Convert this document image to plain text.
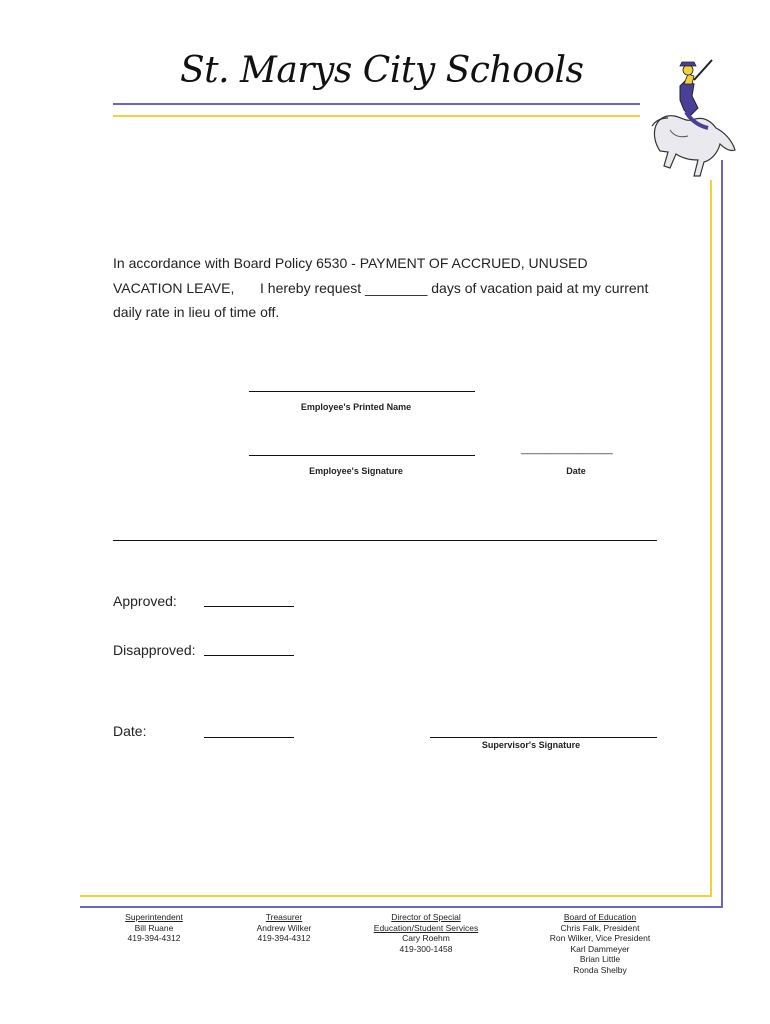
St. Marys City Schools
In accordance with Board Policy 6530 - PAYMENT OF ACCRUED, UNUSED
VACATION LEAVE, I hereby request ________ days of vacation paid at my current
daily rate in lieu of time off.
Employee's Printed Name
Employee's Signature
_______________
Date
Approved:
Disapproved:
Date:
Supervisor's Signature
Superintendent
Bill Ruane
419-394-4312
Treasurer
Andrew Wilker
419-394-4312
Director of Special
Education/Student Services
Cary Roehm
419-300-1458
Board of Education
Chris Falk, President
Ron Wilker, Vice President
Karl Dammeyer
Brian Little
Ronda Shelby
